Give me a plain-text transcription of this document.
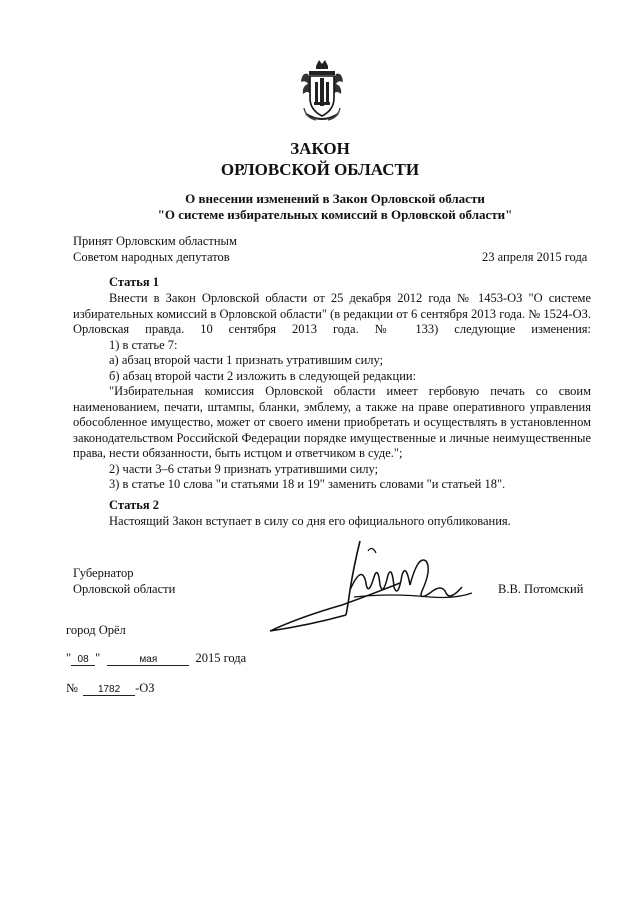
ЗАКОН
ОРЛОВСКОЙ ОБЛАСТИ
О внесении изменений в Закон Орловской области
"О системе избирательных комиссий в Орловской области"
Принят Орловским областным
Советом народных депутатов	23 апреля 2015 года
Статья 1

Внести в Закон Орловской области от 25 декабря 2012 года № 1453-ОЗ "О системе избирательных комиссий в Орловской области" (в редакции от 6 сентября 2013 года. № 1524-ОЗ. Орловская правда. 10 сентября 2013 года. № 133) следующие изменения:

1) в статье 7:

а) абзац второй части 1 признать утратившим силу;

б) абзац второй части 2 изложить в следующей редакции:

"Избирательная комиссия Орловской области имеет гербовую печать со своим наименованием, печати, штампы, бланки, эмблему, а также на праве оперативного управления обособленное имущество, может от своего имени приобретать и осуществлять в установленном законодательством Российской Федерации порядке имущественные и личные неимущественные права, нести обязанности, быть истцом и ответчиком в суде.";

2) части 3–6 статьи 9 признать утратившими силу;

3) в статье 10 слова "и статьями 18 и 19" заменить словами "и статьей 18".

Статья 2
Настоящий Закон вступает в силу со дня его официального опубликования.
Губернатор
Орловской области	В.В. Потомский
город Орёл
" 08 "	мая	2015 года
№ 1782 -ОЗ
